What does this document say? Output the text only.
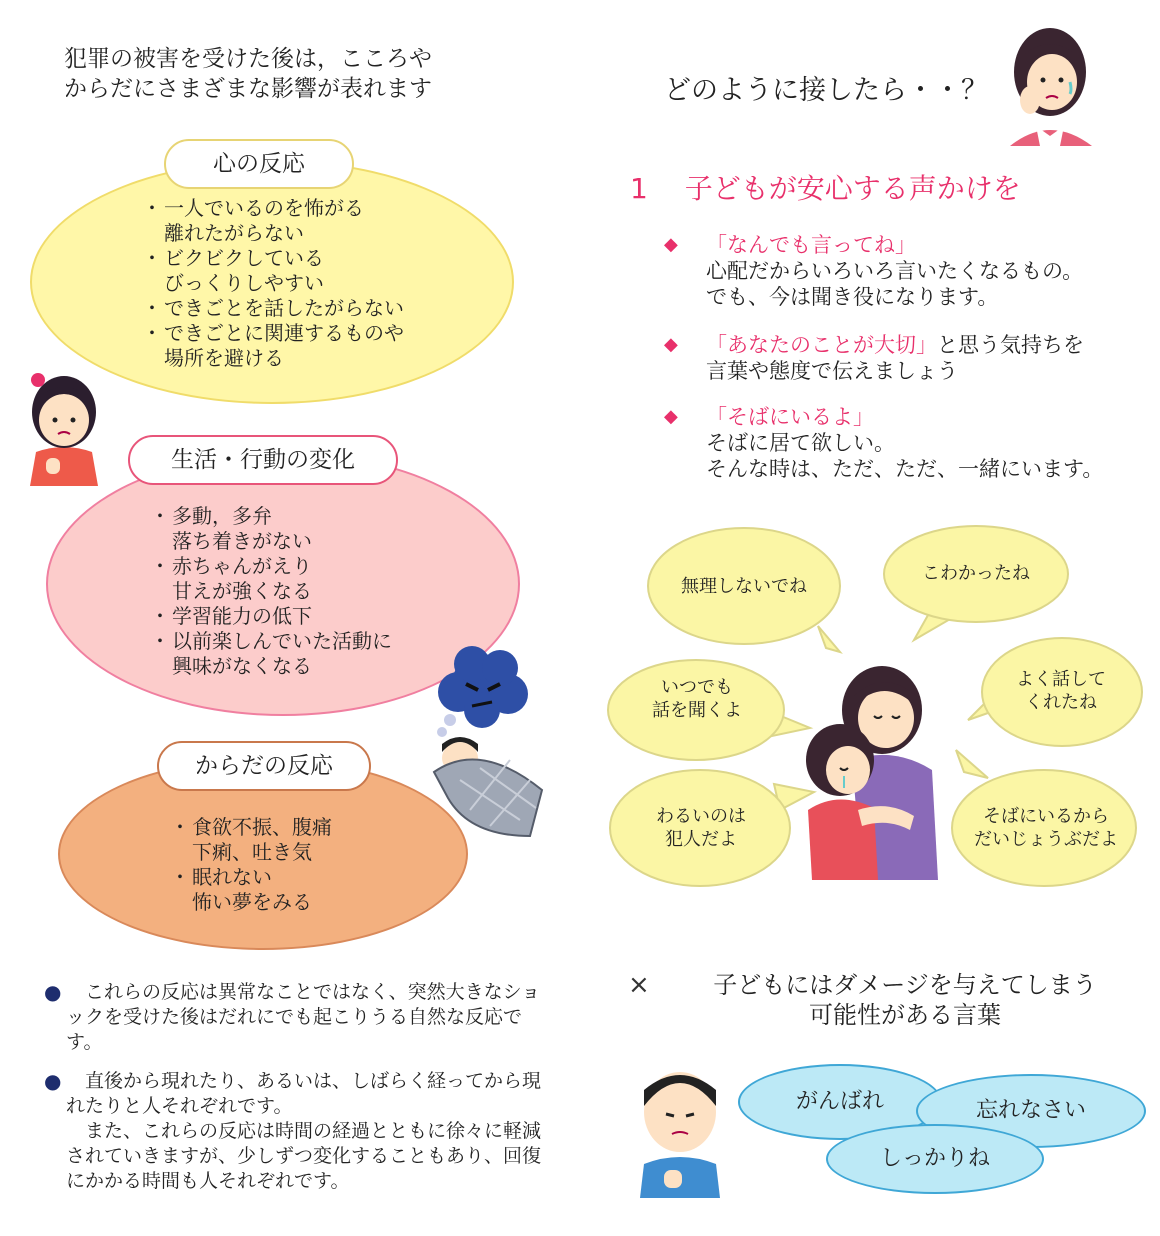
犯罪の被害を受けた後は，こころや
からだにさまざまな影響が表れます
心の反応
・ 一人でいるのを怖がる
離れたがらない
・ ビクビクしている
びっくりしやすい
・ できごとを話したがらない
・ できごとに関連するものや
場所を避ける
生活・行動の変化
・ 多動，多弁
落ち着きがない
・ 赤ちゃんがえり
甘えが強くなる
・ 学習能力の低下
・ 以前楽しんでいた活動に
興味がなくなる
からだの反応
・ 食欲不振、腹痛
下痢、吐き気
・ 眠れない
怖い夢をみる
● 　これらの反応は異常なことではなく、突然大きなショックを受けた後はだれにでも起こりうる自然な反応です。
●	　直後から現れたり、あるいは、しばらく経ってから現れたりと人それぞれです。
　また、これらの反応は時間の経過とともに徐々に軽減されていきますが、少しずつ変化することもあり、回復にかかる時間も人それぞれです。
どのように接したら・・？
1　 子どもが安心する声かけを
◆	「なんでも言ってね」
心配だからいろいろ言いたくなるもの。
でも、今は聞き役になります。
◆	「あなたのことが大切」と思う気持ちを
言葉や態度で伝えましょう
◆	「そばにいるよ」
そばに居て欲しい。
そんな時は、ただ、ただ、一緒にいます。
無理しないでね
こわかったね
いつでも
話を聞くよ
よく話して
くれたね
わるいのは
犯人だよ
そばにいるから
だいじょうぶだよ
×	子どもにはダメージを与えてしまう
可能性がある言葉
がんばれ	忘れなさい
しっかりね
